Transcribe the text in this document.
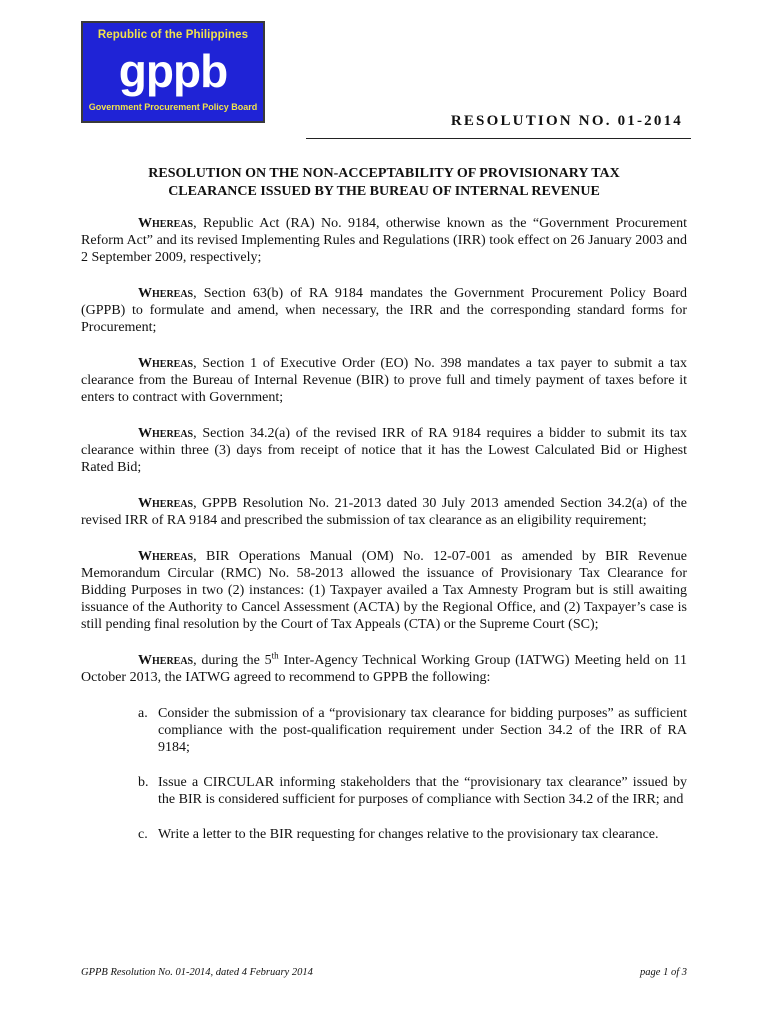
Republic of the Philippines
gppb
Government Procurement Policy Board
RESOLUTION NO. 01-2014
RESOLUTION ON THE NON-ACCEPTABILITY OF PROVISIONARY TAX
CLEARANCE ISSUED BY THE BUREAU OF INTERNAL REVENUE

Whereas, Republic Act (RA) No. 9184, otherwise known as the “Government Procurement Reform Act” and its revised Implementing Rules and Regulations (IRR) took effect on 26 January 2003 and 2 September 2009, respectively;

Whereas, Section 63(b) of RA 9184 mandates the Government Procurement Policy Board (GPPB) to formulate and amend, when necessary, the IRR and the corresponding standard forms for Procurement;

Whereas, Section 1 of Executive Order (EO) No. 398 mandates a tax payer to submit a tax clearance from the Bureau of Internal Revenue (BIR) to prove full and timely payment of taxes before it enters to contract with Government;

Whereas, Section 34.2(a) of the revised IRR of RA 9184 requires a bidder to submit its tax clearance within three (3) days from receipt of notice that it has the Lowest Calculated Bid or Highest Rated Bid;

Whereas, GPPB Resolution No. 21-2013 dated 30 July 2013 amended Section 34.2(a) of the revised IRR of RA 9184 and prescribed the submission of tax clearance as an eligibility requirement;

Whereas, BIR Operations Manual (OM) No. 12-07-001 as amended by BIR Revenue Memorandum Circular (RMC) No. 58-2013 allowed the issuance of Provisionary Tax Clearance for Bidding Purposes in two (2) instances: (1) Taxpayer availed a Tax Amnesty Program but is still awaiting issuance of the Authority to Cancel Assessment (ACTA) by the Regional Office, and (2) Taxpayer’s case is still pending final resolution by the Court of Tax Appeals (CTA) or the Supreme Court (SC);

Whereas, during the 5th Inter-Agency Technical Working Group (IATWG) Meeting held on 11 October 2013, the IATWG agreed to recommend to GPPB the following:

a. Consider the submission of a “provisionary tax clearance for bidding purposes” as sufficient compliance with the post-qualification requirement under Section 34.2 of the IRR of RA 9184;
b. Issue a CIRCULAR informing stakeholders that the “provisionary tax clearance” issued by the BIR is considered sufficient for purposes of compliance with Section 34.2 of the IRR; and
c. Write a letter to the BIR requesting for changes relative to the provisionary tax clearance.
GPPB Resolution No. 01-2014, dated 4 February 2014	page 1 of 3
